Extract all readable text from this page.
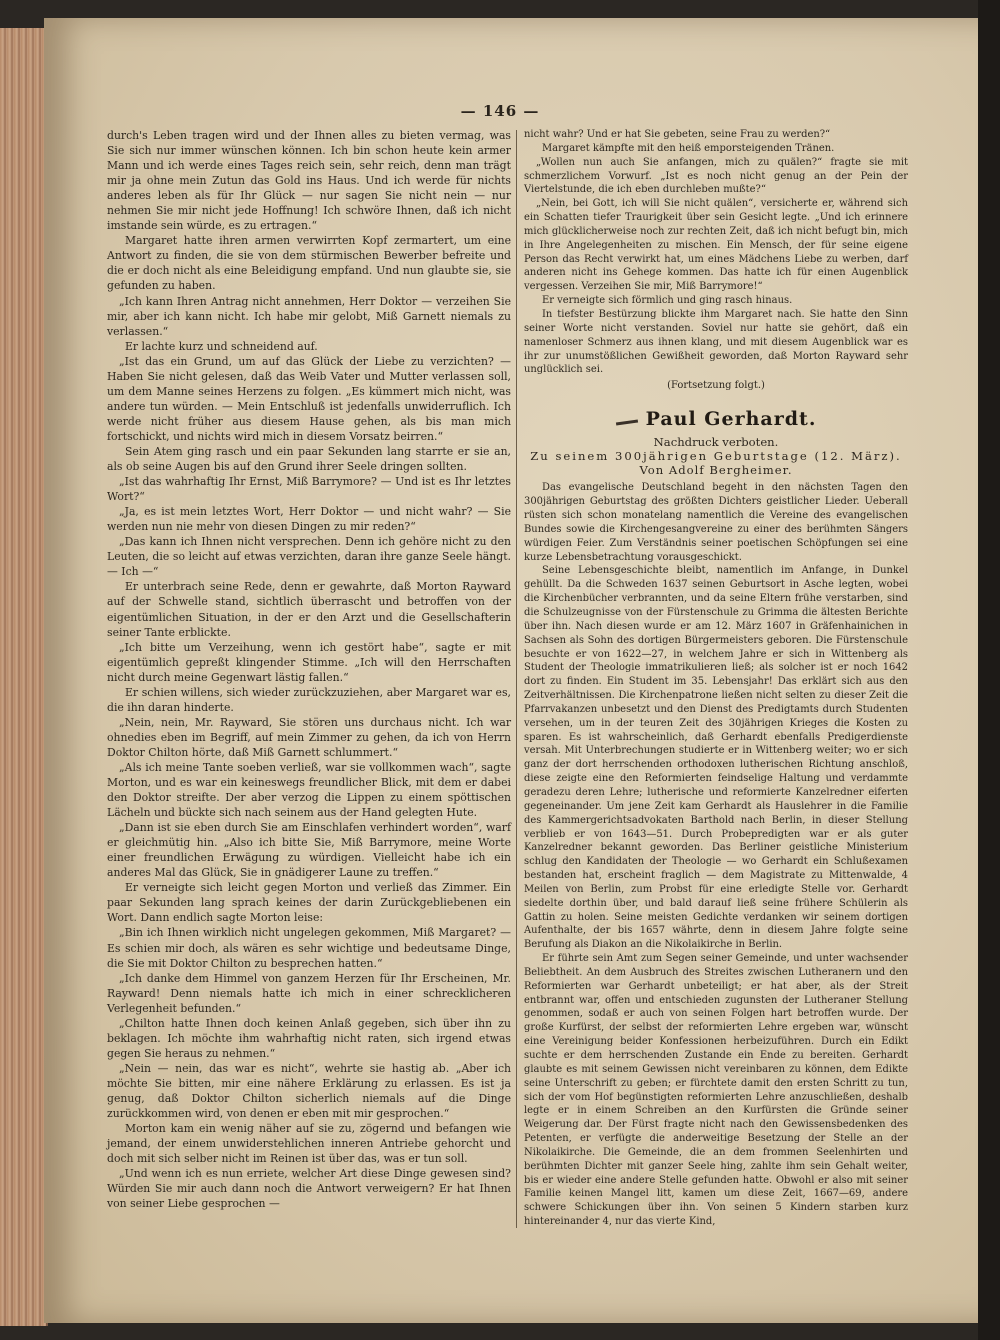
— 146 —

durch's Leben tragen wird und der Ihnen alles zu bieten vermag, was Sie sich nur immer wünschen können. Ich bin schon heute kein armer Mann und ich werde eines Tages reich sein, sehr reich, denn man trägt mir ja ohne mein Zutun das Gold ins Haus. Und ich werde für nichts anderes leben als für Ihr Glück — nur sagen Sie nicht nein — nur nehmen Sie mir nicht jede Hoffnung! Ich schwöre Ihnen, daß ich nicht imstande sein würde, es zu ertragen.“

Margaret hatte ihren armen verwirrten Kopf zermartert, um eine Antwort zu finden, die sie von dem stürmischen Bewerber befreite und die er doch nicht als eine Beleidigung empfand. Und nun glaubte sie, sie gefunden zu haben.

„Ich kann Ihren Antrag nicht annehmen, Herr Doktor — verzeihen Sie mir, aber ich kann nicht. Ich habe mir gelobt, Miß Garnett niemals zu verlassen.“

Er lachte kurz und schneidend auf.

„Ist das ein Grund, um auf das Glück der Liebe zu verzichten? — Haben Sie nicht gelesen, daß das Weib Vater und Mutter verlassen soll, um dem Manne seines Herzens zu folgen. „Es kümmert mich nicht, was andere tun würden. — Mein Entschluß ist jedenfalls unwiderruflich. Ich werde nicht früher aus diesem Hause gehen, als bis man mich fortschickt, und nichts wird mich in diesem Vorsatz beirren.“

Sein Atem ging rasch und ein paar Sekunden lang starrte er sie an, als ob seine Augen bis auf den Grund ihrer Seele dringen sollten.

„Ist das wahrhaftig Ihr Ernst, Miß Barrymore? — Und ist es Ihr letztes Wort?“

„Ja, es ist mein letztes Wort, Herr Doktor — und nicht wahr? — Sie werden nun nie mehr von diesen Dingen zu mir reden?“

„Das kann ich Ihnen nicht versprechen. Denn ich gehöre nicht zu den Leuten, die so leicht auf etwas verzichten, daran ihre ganze Seele hängt. — Ich —“

Er unterbrach seine Rede, denn er gewahrte, daß Morton Rayward auf der Schwelle stand, sichtlich überrascht und betroffen von der eigentümlichen Situation, in der er den Arzt und die Gesellschafterin seiner Tante erblickte.

„Ich bitte um Verzeihung, wenn ich gestört habe“, sagte er mit eigentümlich gepreßt klingender Stimme. „Ich will den Herrschaften nicht durch meine Gegenwart lästig fallen.“

Er schien willens, sich wieder zurückzuziehen, aber Margaret war es, die ihn daran hinderte.

„Nein, nein, Mr. Rayward, Sie stören uns durchaus nicht. Ich war ohnedies eben im Begriff, auf mein Zimmer zu gehen, da ich von Herrn Doktor Chilton hörte, daß Miß Garnett schlummert.“

„Als ich meine Tante soeben verließ, war sie vollkommen wach“, sagte Morton, und es war ein keineswegs freundlicher Blick, mit dem er dabei den Doktor streifte. Der aber verzog die Lippen zu einem spöttischen Lächeln und bückte sich nach seinem aus der Hand gelegten Hute.

„Dann ist sie eben durch Sie am Einschlafen verhindert worden“, warf er gleichmütig hin. „Also ich bitte Sie, Miß Barrymore, meine Worte einer freundlichen Erwägung zu würdigen. Vielleicht habe ich ein anderes Mal das Glück, Sie in gnädigerer Laune zu treffen.“

Er verneigte sich leicht gegen Morton und verließ das Zimmer. Ein paar Sekunden lang sprach keines der darin Zurückgebliebenen ein Wort. Dann endlich sagte Morton leise:

„Bin ich Ihnen wirklich nicht ungelegen gekommen, Miß Margaret? — Es schien mir doch, als wären es sehr wichtige und bedeutsame Dinge, die Sie mit Doktor Chilton zu besprechen hatten.“

„Ich danke dem Himmel von ganzem Herzen für Ihr Erscheinen, Mr. Rayward! Denn niemals hatte ich mich in einer schrecklicheren Verlegenheit befunden.“

„Chilton hatte Ihnen doch keinen Anlaß gegeben, sich über ihn zu beklagen. Ich möchte ihm wahrhaftig nicht raten, sich irgend etwas gegen Sie heraus zu nehmen.“

„Nein — nein, das war es nicht“, wehrte sie hastig ab. „Aber ich möchte Sie bitten, mir eine nähere Erklärung zu erlassen. Es ist ja genug, daß Doktor Chilton sicherlich niemals auf die Dinge zurückkommen wird, von denen er eben mit mir gesprochen.“

Morton kam ein wenig näher auf sie zu, zögernd und befangen wie jemand, der einem unwiderstehlichen inneren Antriebe gehorcht und doch mit sich selber nicht im Reinen ist über das, was er tun soll.

„Und wenn ich es nun erriete, welcher Art diese Dinge gewesen sind? Würden Sie mir auch dann noch die Antwort verweigern? Er hat Ihnen von seiner Liebe gesprochen —

nicht wahr? Und er hat Sie gebeten, seine Frau zu werden?“

Margaret kämpfte mit den heiß emporsteigenden Tränen.

„Wollen nun auch Sie anfangen, mich zu quälen?“ fragte sie mit schmerzlichem Vorwurf. „Ist es noch nicht genug an der Pein der Viertelstunde, die ich eben durchleben mußte?“

„Nein, bei Gott, ich will Sie nicht quälen“, versicherte er, während sich ein Schatten tiefer Traurigkeit über sein Gesicht legte. „Und ich erinnere mich glücklicherweise noch zur rechten Zeit, daß ich nicht befugt bin, mich in Ihre Angelegenheiten zu mischen. Ein Mensch, der für seine eigene Person das Recht verwirkt hat, um eines Mädchens Liebe zu werben, darf anderen nicht ins Gehege kommen. Das hatte ich für einen Augenblick vergessen. Verzeihen Sie mir, Miß Barrymore!“

Er verneigte sich förmlich und ging rasch hinaus.

In tiefster Bestürzung blickte ihm Margaret nach. Sie hatte den Sinn seiner Worte nicht verstanden. Soviel nur hatte sie gehört, daß ein namenloser Schmerz aus ihnen klang, und mit diesem Augenblick war es ihr zur unumstößlichen Gewißheit geworden, daß Morton Rayward sehr unglücklich sei.

(Fortsetzung folgt.)

Paul Gerhardt.
Nachdruck verboten.
Zu seinem 300jährigen Geburtstage (12. März).
Von Adolf Bergheimer.

Das evangelische Deutschland begeht in den nächsten Tagen den 300jährigen Geburtstag des größten Dichters geistlicher Lieder. Ueberall rüsten sich schon monatelang namentlich die Vereine des evangelischen Bundes sowie die Kirchengesangvereine zu einer des berühmten Sängers würdigen Feier. Zum Verständnis seiner poetischen Schöpfungen sei eine kurze Lebensbetrachtung vorausgeschickt.

Seine Lebensgeschichte bleibt, namentlich im Anfange, in Dunkel gehüllt. Da die Schweden 1637 seinen Geburtsort in Asche legten, wobei die Kirchenbücher verbrannten, und da seine Eltern frühe verstarben, sind die Schulzeugnisse von der Fürstenschule zu Grimma die ältesten Berichte über ihn. Nach diesen wurde er am 12. März 1607 in Gräfenhainichen in Sachsen als Sohn des dortigen Bürgermeisters geboren. Die Fürstenschule besuchte er von 1622—27, in welchem Jahre er sich in Wittenberg als Student der Theologie immatrikulieren ließ; als solcher ist er noch 1642 dort zu finden. Ein Student im 35. Lebensjahr! Das erklärt sich aus den Zeitverhältnissen. Die Kirchenpatrone ließen nicht selten zu dieser Zeit die Pfarrvakanzen unbesetzt und den Dienst des Predigtamts durch Studenten versehen, um in der teuren Zeit des 30jährigen Krieges die Kosten zu sparen. Es ist wahrscheinlich, daß Gerhardt ebenfalls Predigerdienste versah. Mit Unterbrechungen studierte er in Wittenberg weiter; wo er sich ganz der dort herrschenden orthodoxen lutherischen Richtung anschloß, diese zeigte eine den Reformierten feindselige Haltung und verdammte geradezu deren Lehre; lutherische und reformierte Kanzelredner eiferten gegeneinander. Um jene Zeit kam Gerhardt als Hauslehrer in die Familie des Kammergerichtsadvokaten Barthold nach Berlin, in dieser Stellung verblieb er von 1643—51. Durch Probepredigten war er als guter Kanzelredner bekannt geworden. Das Berliner geistliche Ministerium schlug den Kandidaten der Theologie — wo Gerhardt ein Schlußexamen bestanden hat, erscheint fraglich — dem Magistrate zu Mittenwalde, 4 Meilen von Berlin, zum Probst für eine erledigte Stelle vor. Gerhardt siedelte dorthin über, und bald darauf ließ seine frühere Schülerin als Gattin zu holen. Seine meisten Gedichte verdanken wir seinem dortigen Aufenthalte, der bis 1657 währte, denn in diesem Jahre folgte seine Berufung als Diakon an die Nikolaikirche in Berlin.

Er führte sein Amt zum Segen seiner Gemeinde, und unter wachsender Beliebtheit. An dem Ausbruch des Streites zwischen Lutheranern und den Reformierten war Gerhardt unbeteiligt; er hat aber, als der Streit entbrannt war, offen und entschieden zugunsten der Lutheraner Stellung genommen, sodaß er auch von seinen Folgen hart betroffen wurde. Der große Kurfürst, der selbst der reformierten Lehre ergeben war, wünscht eine Vereinigung beider Konfessionen herbeizuführen. Durch ein Edikt suchte er dem herrschenden Zustande ein Ende zu bereiten. Gerhardt glaubte es mit seinem Gewissen nicht vereinbaren zu können, dem Edikte seine Unterschrift zu geben; er fürchtete damit den ersten Schritt zu tun, sich der vom Hof begünstigten reformierten Lehre anzuschließen, deshalb legte er in einem Schreiben an den Kurfürsten die Gründe seiner Weigerung dar. Der Fürst fragte nicht nach den Gewissensbedenken des Petenten, er verfügte die anderweitige Besetzung der Stelle an der Nikolaikirche. Die Gemeinde, die an dem frommen Seelenhirten und berühmten Dichter mit ganzer Seele hing, zahlte ihm sein Gehalt weiter, bis er wieder eine andere Stelle gefunden hatte. Obwohl er also mit seiner Familie keinen Mangel litt, kamen um diese Zeit, 1667—69, andere schwere Schickungen über ihn. Von seinen 5 Kindern starben kurz hintereinander 4, nur das vierte Kind,
